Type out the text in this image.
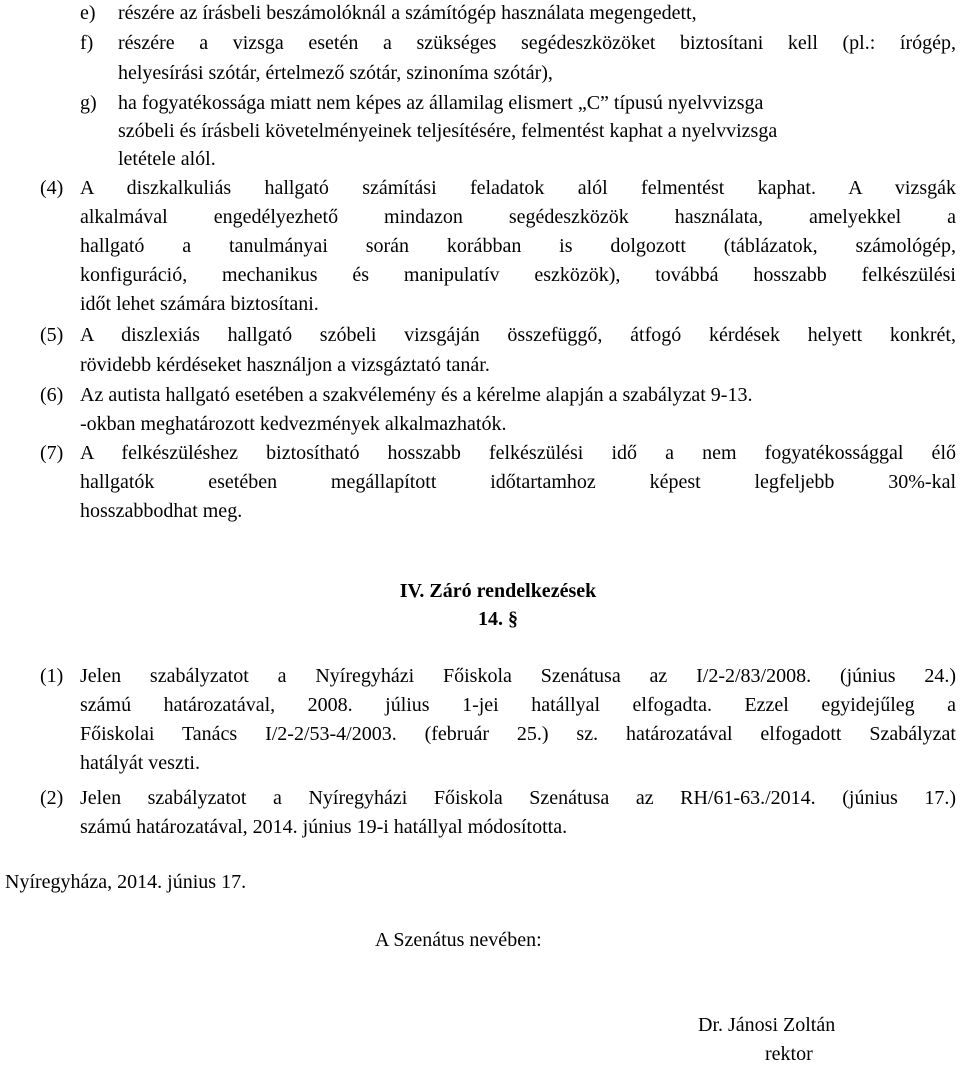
e) részére az írásbeli beszámolóknál a számítógép használata megengedett,
f) részére a vizsga esetén a szükséges segédeszközöket biztosítani kell (pl.: írógép,
helyesírási szótár, értelmező szótár, szinoníma szótár),
g) ha fogyatékossága miatt nem képes az államilag elismert „C” típusú nyelvvizsga
szóbeli és írásbeli követelményeinek teljesítésére, felmentést kaphat a nyelvvizsga
letétele alól.
(4) A diszkalkuliás hallgató számítási feladatok alól felmentést kaphat. A vizsgák
alkalmával engedélyezhető mindazon segédeszközök használata, amelyekkel a
hallgató a tanulmányai során korábban is dolgozott (táblázatok, számológép,
konfiguráció, mechanikus és manipulatív eszközök), továbbá hosszabb felkészülési
időt lehet számára biztosítani.
(5) A diszlexiás hallgató szóbeli vizsgáján összefüggő, átfogó kérdések helyett konkrét,
rövidebb kérdéseket használjon a vizsgáztató tanár.
(6) Az autista hallgató esetében a szakvélemény és a kérelme alapján a szabályzat 9-13.
-okban meghatározott kedvezmények alkalmazhatók.
(7) A felkészüléshez biztosítható hosszabb felkészülési idő a nem fogyatékossággal élő
hallgatók esetében megállapított időtartamhoz képest legfeljebb 30%-kal
hosszabbodhat meg.
IV. Záró rendelkezések
14. §
(1) Jelen szabályzatot a Nyíregyházi Főiskola Szenátusa az I/2-2/83/2008. (június 24.)
számú határozatával, 2008. július 1-jei hatállyal elfogadta. Ezzel egyidejűleg a
Főiskolai Tanács I/2-2/53-4/2003. (február 25.) sz. határozatával elfogadott Szabályzat
hatályát veszti.
(2) Jelen szabályzatot a Nyíregyházi Főiskola Szenátusa az RH/61-63./2014. (június 17.)
számú határozatával, 2014. június 19-i hatállyal módosította.
Nyíregyháza, 2014. június 17.
A Szenátus nevében:
Dr. Jánosi Zoltán
rektor
